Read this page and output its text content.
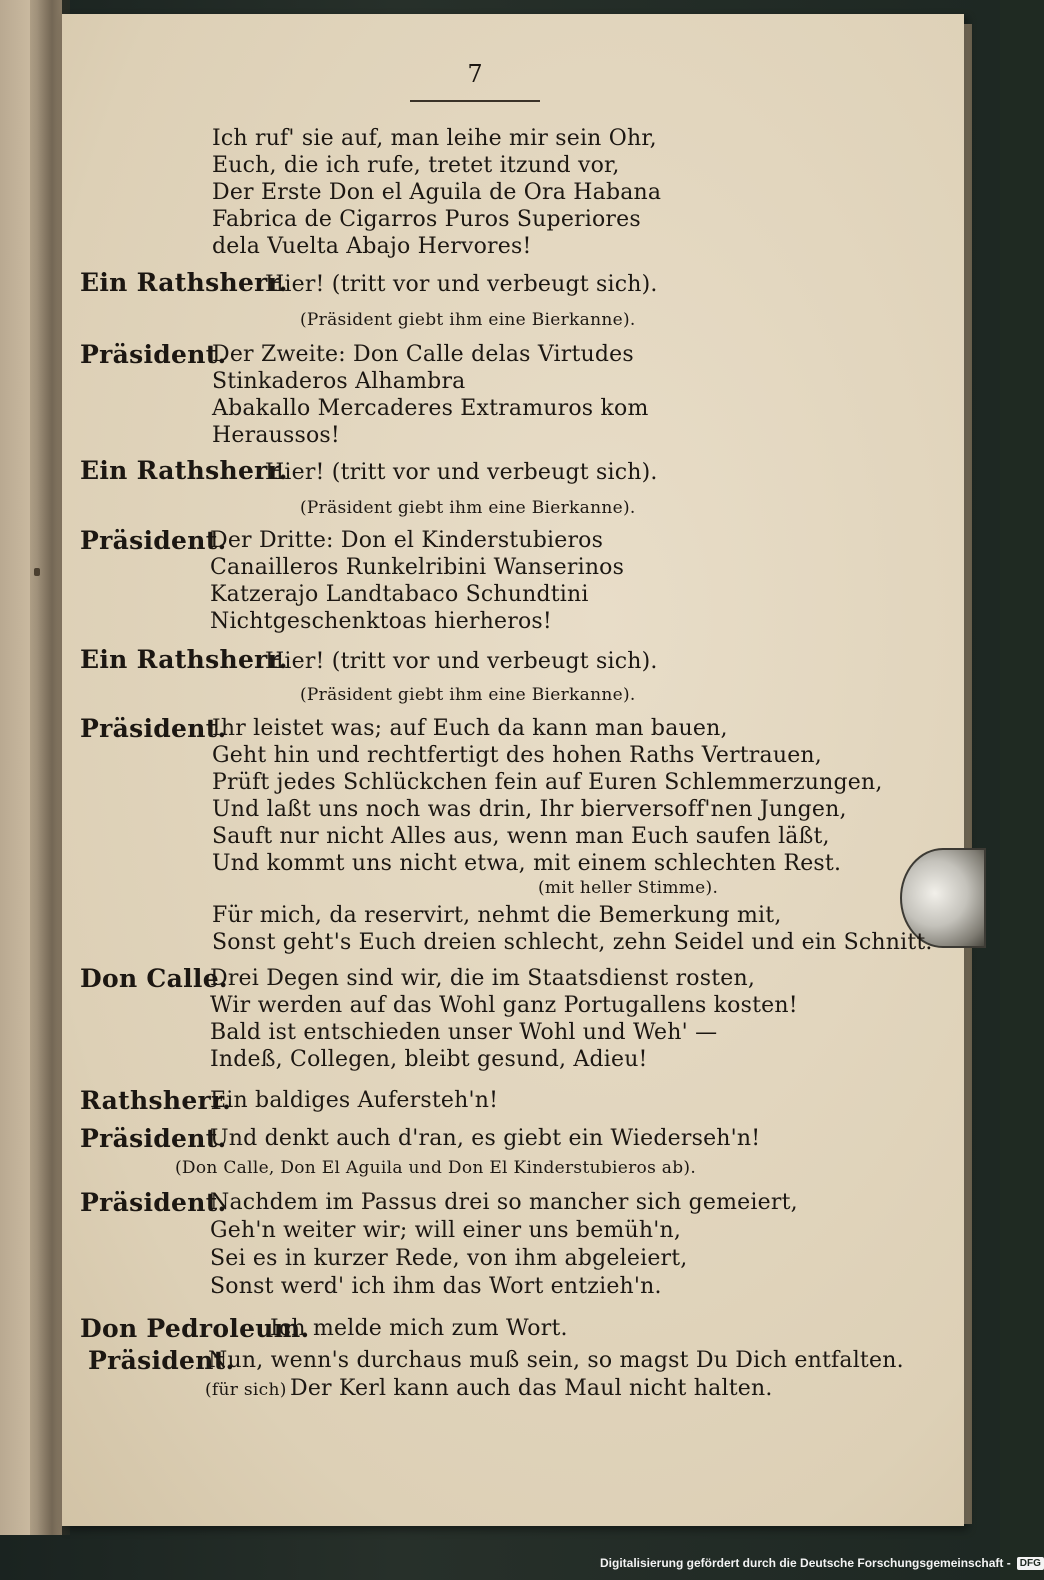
7
Ich ruf' sie auf, man leihe mir sein Ohr,
Euch, die ich rufe, tretet itzund vor,
Der Erste Don el Aguila de Ora Habana
Fabrica de Cigarros Puros Superiores
dela Vuelta Abajo Hervores!
Ein Rathsherr.
Hier! (tritt vor und verbeugt sich).
(Präsident giebt ihm eine Bierkanne).
Präsident.
Der Zweite: Don Calle delas Virtudes
Stinkaderos Alhambra
Abakallo Mercaderes Extramuros kom
Heraussos!
Ein Rathsherr.
Hier! (tritt vor und verbeugt sich).
(Präsident giebt ihm eine Bierkanne).
Präsident.
Der Dritte: Don el Kinderstubieros
Canailleros Runkelribini Wanserinos
Katzerajo Landtabaco Schundtini
Nichtgeschenktoas hierheros!
Ein Rathsherr.
Hier! (tritt vor und verbeugt sich).
(Präsident giebt ihm eine Bierkanne).
Präsident.
Ihr leistet was; auf Euch da kann man bauen,
Geht hin und rechtfertigt des hohen Raths Vertrauen,
Prüft jedes Schlückchen fein auf Euren Schlemmerzungen,
Und laßt uns noch was drin, Ihr bierversoff'nen Jungen,
Sauft nur nicht Alles aus, wenn man Euch saufen läßt,
Und kommt uns nicht etwa, mit einem schlechten Rest.
(mit heller Stimme).
Für mich, da reservirt, nehmt die Bemerkung mit,
Sonst geht's Euch dreien schlecht, zehn Seidel und ein Schnitt.
Don Calle.
Drei Degen sind wir, die im Staatsdienst rosten,
Wir werden auf das Wohl ganz Portugallens kosten!
Bald ist entschieden unser Wohl und Weh' —
Indeß, Collegen, bleibt gesund, Adieu!
Rathsherr.
Ein baldiges Aufersteh'n!
Präsident.
Und denkt auch d'ran, es giebt ein Wiederseh'n!
(Don Calle, Don El Aguila und Don El Kinderstubieros ab).
Präsident.
Nachdem im Passus drei so mancher sich gemeiert,
Geh'n weiter wir; will einer uns bemüh'n,
Sei es in kurzer Rede, von ihm abgeleiert,
Sonst werd' ich ihm das Wort entzieh'n.
Don Pedroleum.
Ich melde mich zum Wort.
Präsident.
Nun, wenn's durchaus muß sein, so magst Du Dich entfalten.
(für sich) Der Kerl kann auch das Maul nicht halten.
Digitalisierung gefördert durch die Deutsche Forschungsgemeinschaft - DFG
